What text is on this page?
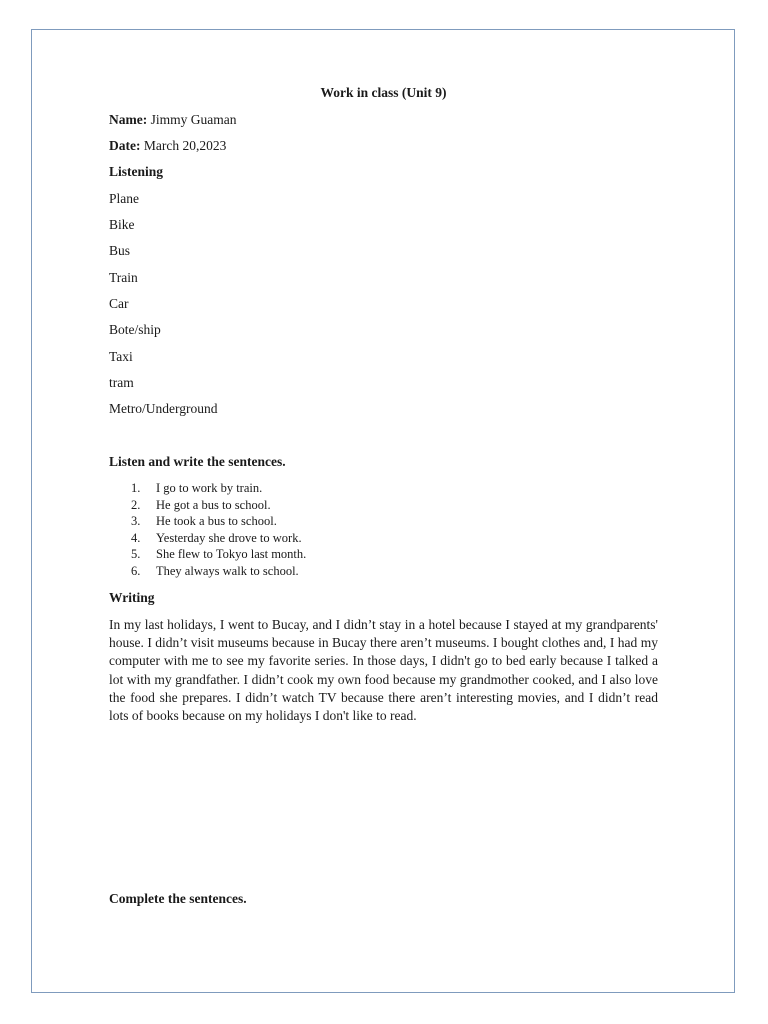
Work in class (Unit 9)

Name: Jimmy Guaman

Date: March 20,2023

Listening

Plane

Bike

Bus

Train

Car

Bote/ship

Taxi

tram

Metro/Underground

Listen and write the sentences.

1.	I go to work by train.
2.	He got a bus to school.
3.	He took a bus to school.
4.	Yesterday she drove to work.
5.	She flew to Tokyo last month.
6.	They always walk to school.

Writing

In my last holidays, I went to Bucay, and I didn’t stay in a hotel because I stayed at my grandparents' house. I didn’t visit museums because in Bucay there aren’t museums. I bought clothes and, I had my computer with me to see my favorite series. In those days, I didn't go to bed early because I talked a lot with my grandfather. I didn’t cook my own food because my grandmother cooked, and I also love the food she prepares. I didn’t watch TV because there aren’t interesting movies, and I didn’t read lots of books because on my holidays I don't like to read.

Complete the sentences.
